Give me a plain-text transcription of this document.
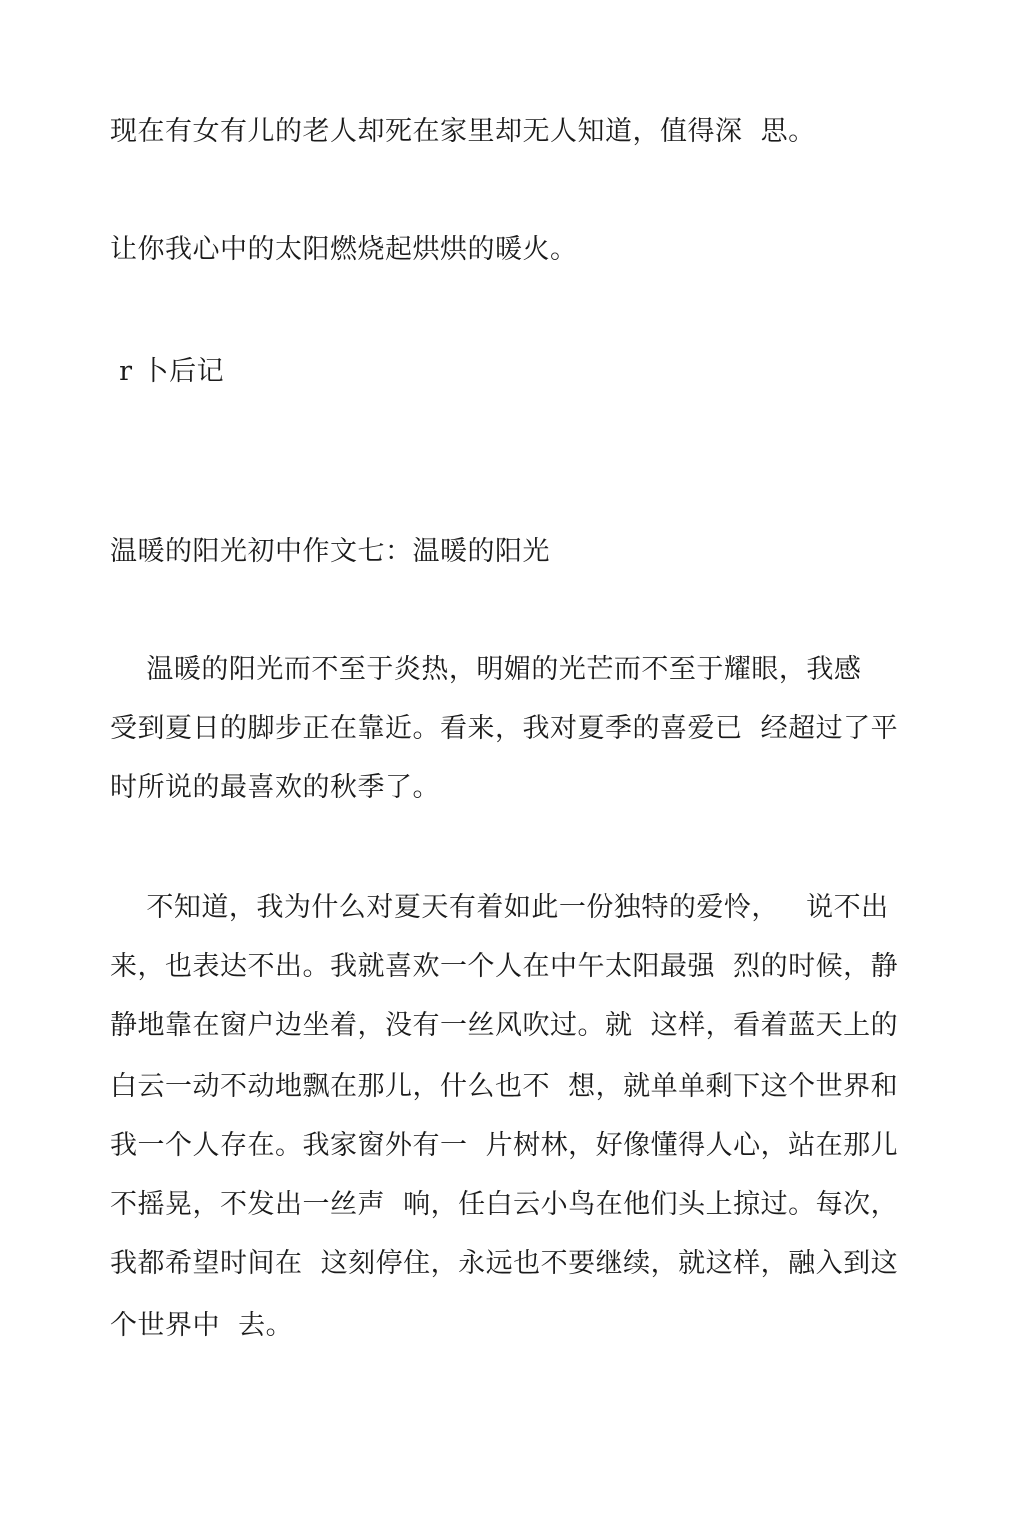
现在有女有儿的老人却死在家里却无人知道，值得深  思。
让你我心中的太阳燃烧起烘烘的暖火。
r 卜后记
温暖的阳光初中作文七：温暖的阳光
温暖的阳光而不至于炎热，明媚的光芒而不至于耀眼，我感
受到夏日的脚步正在靠近。看来，我对夏季的喜爱已  经超过了平
时所说的最喜欢的秋季了。
不知道，我为什么对夏天有着如此一份独特的爱怜，   说不出
来，也表达不出。我就喜欢一个人在中午太阳最强  烈的时候，静
静地靠在窗户边坐着，没有一丝风吹过。就  这样，看着蓝天上的
白云一动不动地飘在那儿，什么也不  想，就单单剩下这个世界和
我一个人存在。我家窗外有一  片树林，好像懂得人心，站在那儿
不摇晃，不发出一丝声  响，任白云小鸟在他们头上掠过。每次，
我都希望时间在  这刻停住，永远也不要继续，就这样，融入到这
个世界中  去。
